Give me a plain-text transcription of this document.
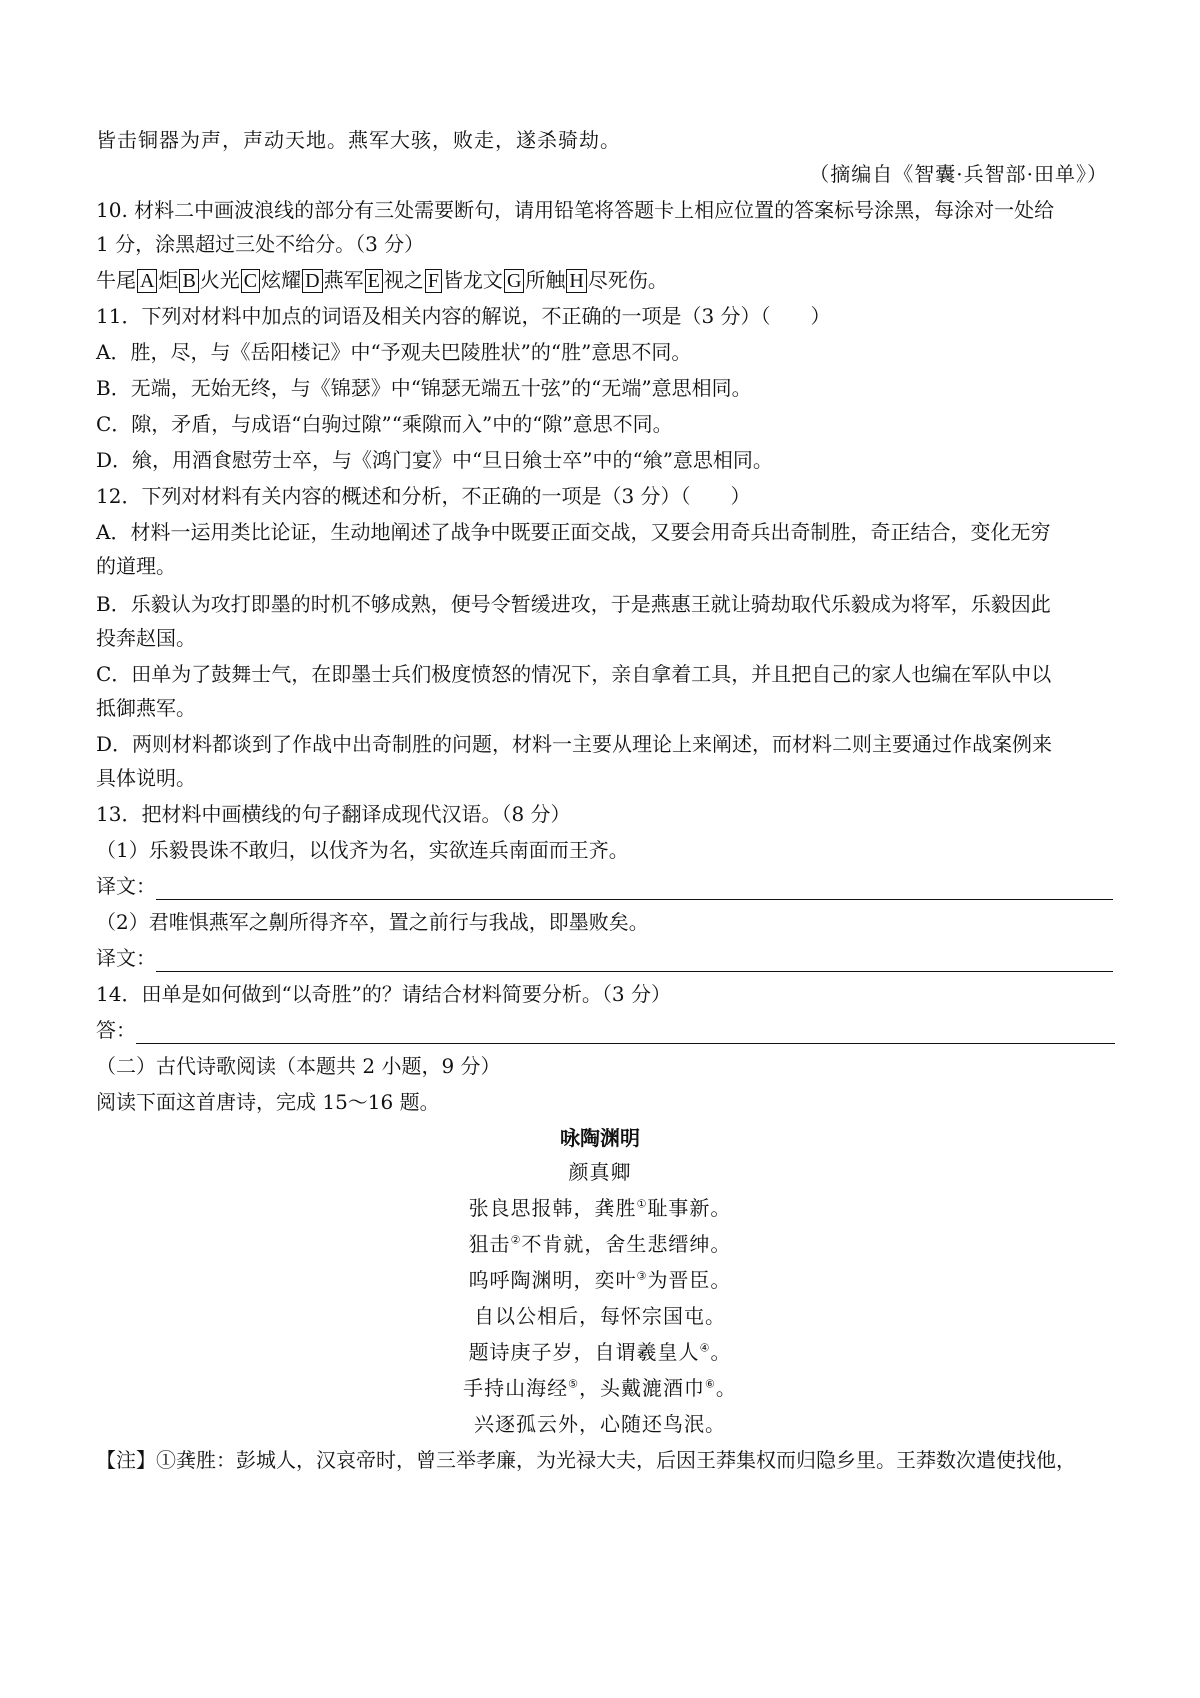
皆击铜器为声，声动天地。燕军大骇，败走，遂杀骑劫。
（摘编自《智囊·兵智部·田单》）
10. 材料二中画波浪线的部分有三处需要断句，请用铅笔将答题卡上相应位置的答案标号涂黑，每涂对一处给
1 分，涂黑超过三处不给分。（3 分）
牛尾 A 炬 B 火光 C 炫耀 D 燕军 E 视之 F 皆龙文 G 所触 H 尽死伤。
11．下列对材料中加点的词语及相关内容的解说，不正确的一项是（3 分）（　　）
A．胜，尽，与《岳阳楼记》中“予观夫巴陵胜状”的“胜”意思不同。
B．无端，无始无终，与《锦瑟》中“锦瑟无端五十弦”的“无端”意思相同。
C．隙，矛盾，与成语“白驹过隙”“乘隙而入”中的“隙”意思不同。
D．飨，用酒食慰劳士卒，与《鸿门宴》中“旦日飨士卒”中的“飨”意思相同。
12．下列对材料有关内容的概述和分析，不正确的一项是（3 分）（　　）
A．材料一运用类比论证，生动地阐述了战争中既要正面交战，又要会用奇兵出奇制胜，奇正结合，变化无穷
的道理。
B．乐毅认为攻打即墨的时机不够成熟，便号令暂缓进攻，于是燕惠王就让骑劫取代乐毅成为将军，乐毅因此
投奔赵国。
C．田单为了鼓舞士气，在即墨士兵们极度愤怒的情况下，亲自拿着工具，并且把自己的家人也编在军队中以
抵御燕军。
D．两则材料都谈到了作战中出奇制胜的问题，材料一主要从理论上来阐述，而材料二则主要通过作战案例来
具体说明。
13．把材料中画横线的句子翻译成现代汉语。（8 分）
（1）乐毅畏诛不敢归，以伐齐为名，实欲连兵南面而王齐。
译文：
（2）君唯惧燕军之劓所得齐卒，置之前行与我战，即墨败矣。
译文：
14．田单是如何做到“以奇胜”的？请结合材料简要分析。（3 分）
答：
（二）古代诗歌阅读（本题共 2 小题，9 分）
阅读下面这首唐诗，完成 15～16 题。
咏陶渊明
颜真卿
张良思报韩，龚胜①耻事新。
狙击②不肯就，舍生悲缙绅。
呜呼陶渊明，奕叶③为晋臣。
自以公相后，每怀宗国屯。
题诗庚子岁，自谓羲皇人④。
手持山海经⑤，头戴漉酒巾⑥。
兴逐孤云外，心随还鸟泯。
【注】①龚胜：彭城人，汉哀帝时，曾三举孝廉，为光禄大夫，后因王莽集权而归隐乡里。王莽数次遣使找他，
